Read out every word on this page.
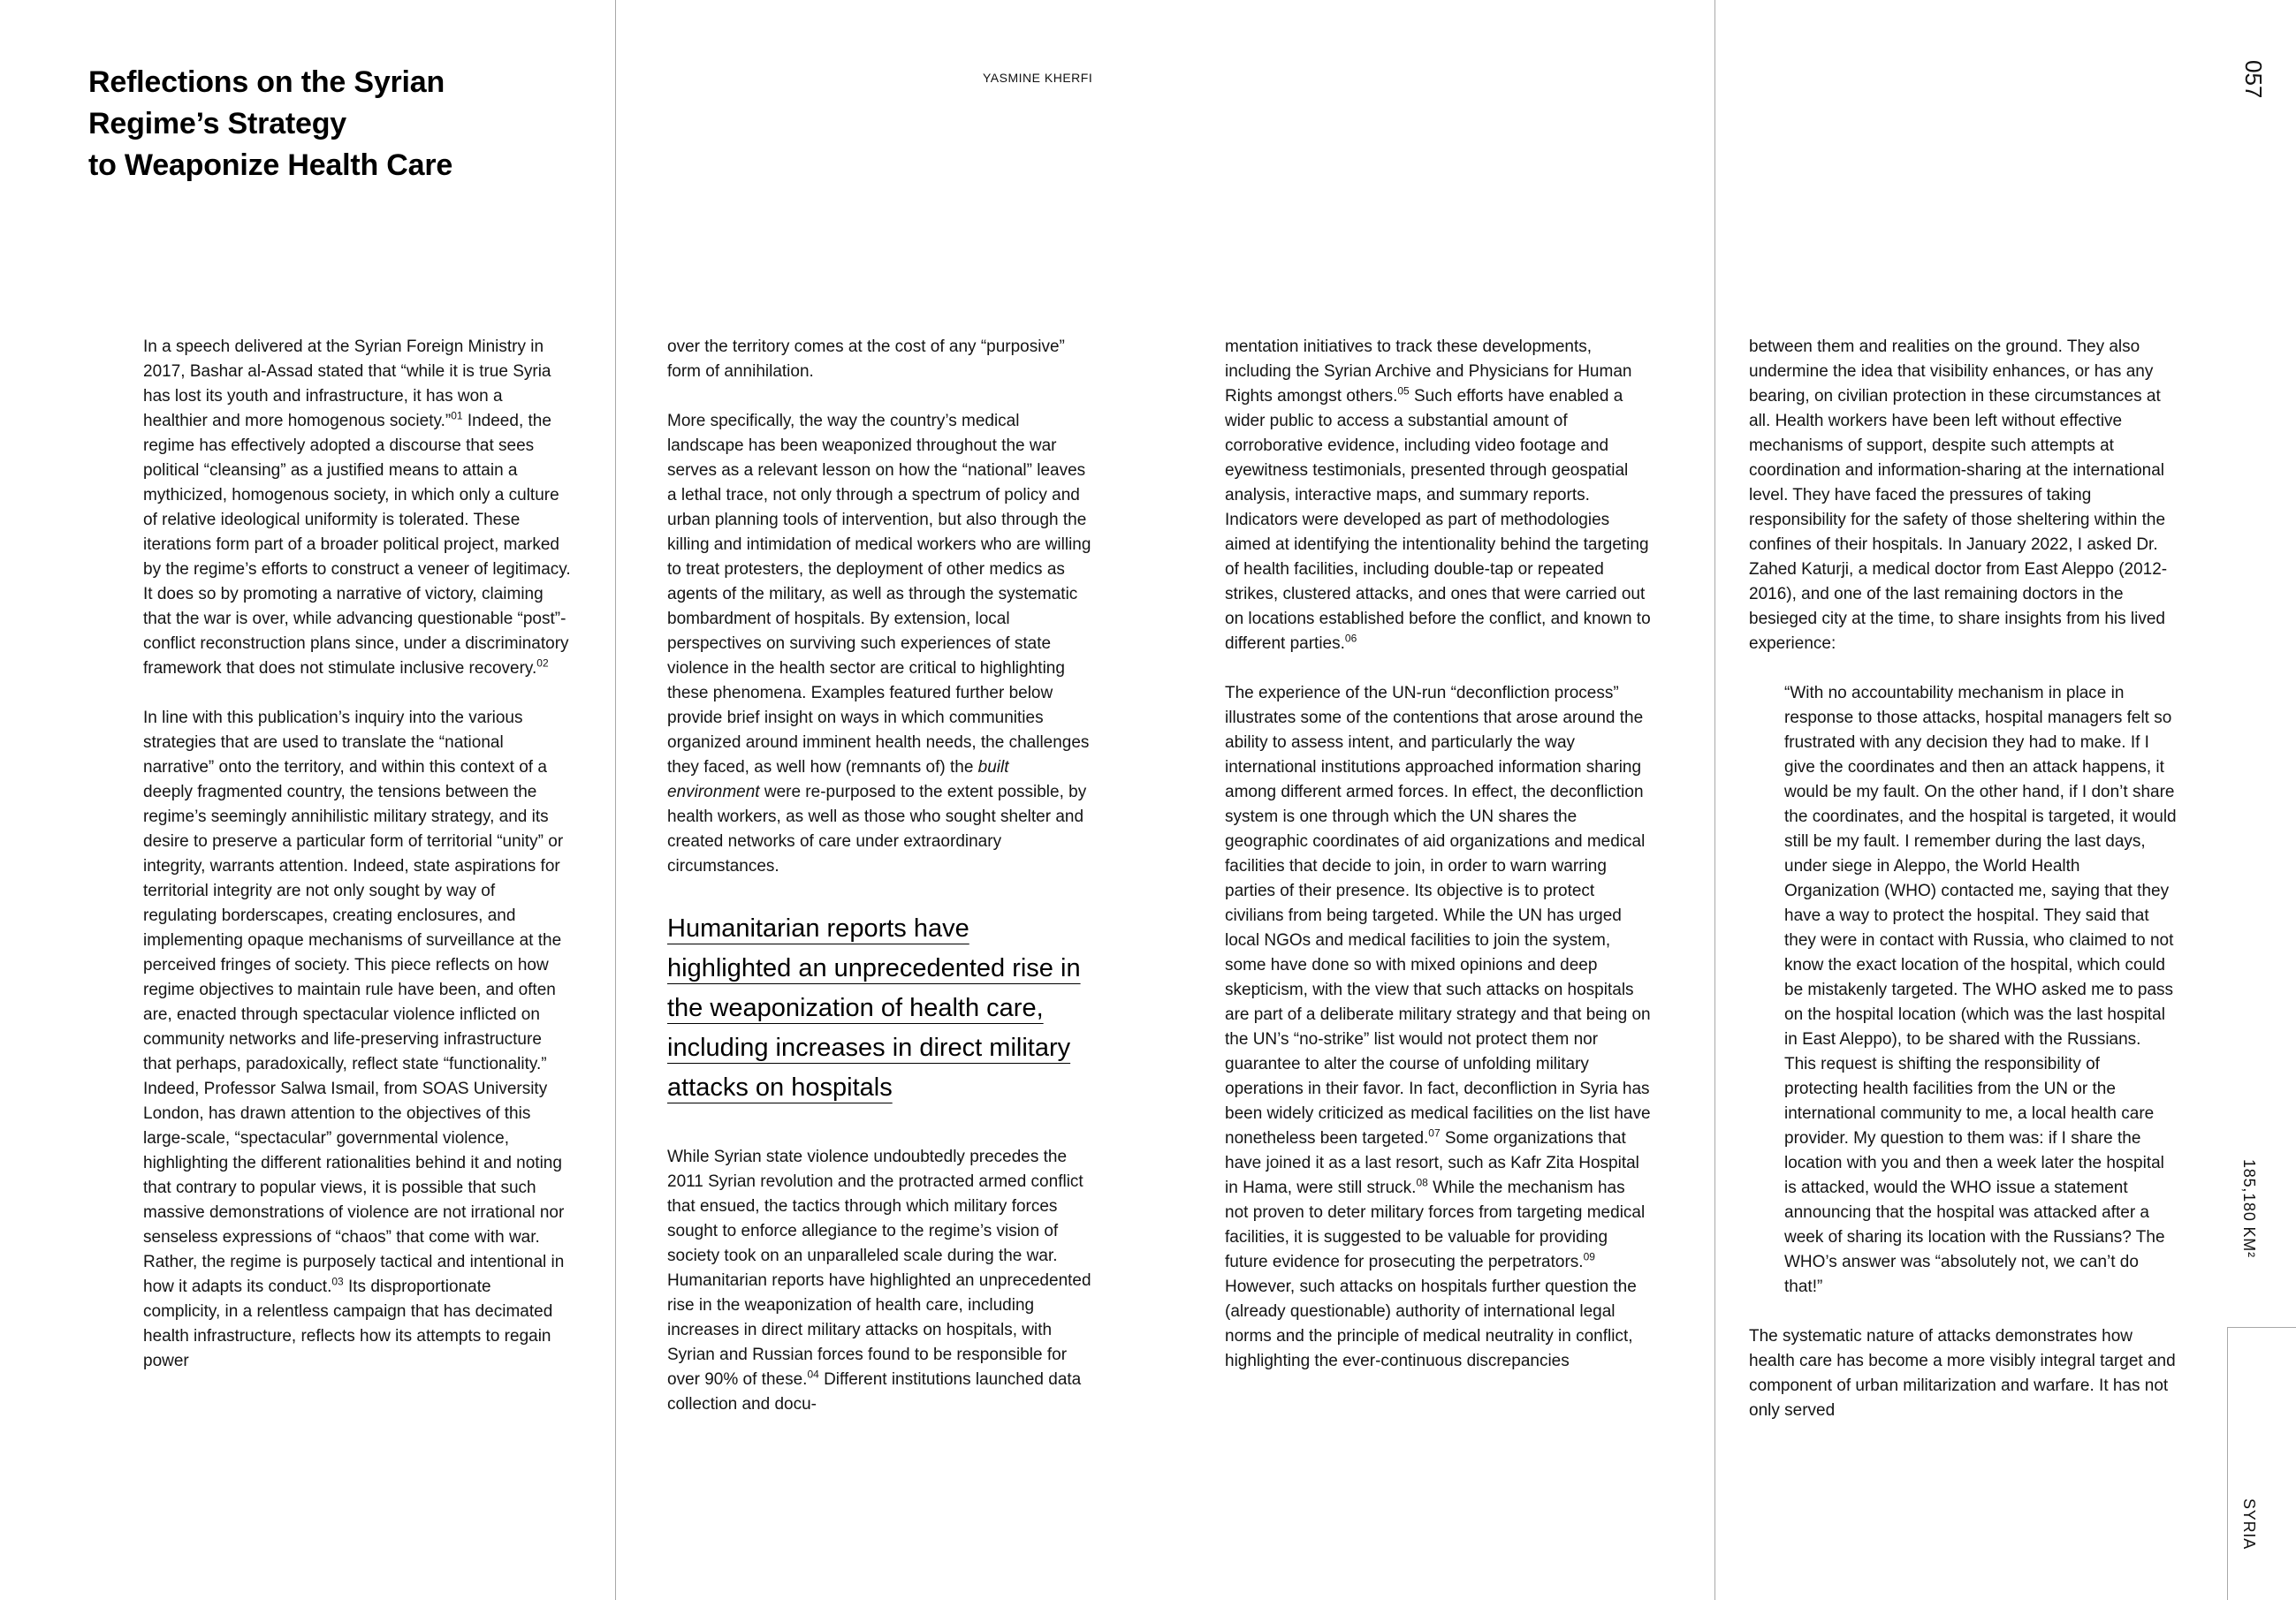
Reflections on the Syrian
Regime’s Strategy
to Weaponize Health Care
YASMINE KHERFI	057
185,180 KM²
SYRIA

In a speech delivered at the Syrian Foreign Ministry in 2017, Bashar al-Assad stated that “while it is true Syria has lost its youth and infrastructure, it has won a healthier and more homogenous society.”$^{01}$ Indeed, the regime has effectively adopted a discourse that sees political “cleansing” as a justified means to attain a mythicized, homogenous society, in which only a culture of relative ideological uniformity is tolerated. These iterations form part of a broader political project, marked by the regime’s efforts to construct a veneer of legitimacy. It does so by promoting a narrative of victory, claiming that the war is over, while advancing questionable “post”-conflict reconstruction plans since, under a discriminatory framework that does not stimulate inclusive recovery.$^{02}$

In line with this publication’s inquiry into the various strategies that are used to translate the “national narrative” onto the territory, and within this context of a deeply fragmented country, the tensions between the regime’s seemingly annihilistic military strategy, and its desire to preserve a particular form of territorial “unity” or integrity, warrants attention. Indeed, state aspirations for territorial integrity are not only sought by way of regulating borderscapes, creating enclosures, and implementing opaque mechanisms of surveillance at the perceived fringes of society. This piece reflects on how regime objectives to maintain rule have been, and often are, enacted through spectacular violence inflicted on community networks and life-preserving infrastructure that perhaps, paradoxically, reflect state “functionality.” Indeed, Professor Salwa Ismail, from SOAS University London, has drawn attention to the objectives of this large-scale, “spectacular” governmental violence, highlighting the different rationalities behind it and noting that contrary to popular views, it is possible that such massive demonstrations of violence are not irrational nor senseless expressions of “chaos” that come with war. Rather, the regime is purposely tactical and intentional in how it adapts its conduct.$^{03}$ Its disproportionate complicity, in a relentless campaign that has decimated health infrastructure, reflects how its attempts to regain power

over the territory comes at the cost of any “purposive” form of annihilation.

More specifically, the way the country’s medical landscape has been weaponized throughout the war serves as a relevant lesson on how the “national” leaves a lethal trace, not only through a spectrum of policy and urban planning tools of intervention, but also through the killing and intimidation of medical workers who are willing to treat protesters, the deployment of other medics as agents of the military, as well as through the systematic bombardment of hospitals. By extension, local perspectives on surviving such experiences of state violence in the health sector are critical to highlighting these phenomena. Examples featured further below provide brief insight on ways in which communities organized around imminent health needs, the challenges they faced, as well how (remnants of) the built environment were re-purposed to the extent possible, by health workers, as well as those who sought shelter and created networks of care under extraordinary circumstances.

Humanitarian reports have highlighted an unprecedented rise in the weaponization of health care, including increases in direct military attacks on hospitals

While Syrian state violence undoubtedly precedes the 2011 Syrian revolution and the protracted armed conflict that ensued, the tactics through which military forces sought to enforce allegiance to the regime’s vision of society took on an unparalleled scale during the war. Humanitarian reports have highlighted an unprecedented rise in the weaponization of health care, including increases in direct military attacks on hospitals, with Syrian and Russian forces found to be responsible for over 90% of these.$^{04}$ Different institutions launched data collection and docu-

mentation initiatives to track these developments, including the Syrian Archive and Physicians for Human Rights amongst others.$^{05}$ Such efforts have enabled a wider public to access a substantial amount of corroborative evidence, including video footage and eyewitness testimonials, presented through geospatial analysis, interactive maps, and summary reports. Indicators were developed as part of methodologies aimed at identifying the intentionality behind the targeting of health facilities, including double-tap or repeated strikes, clustered attacks, and ones that were carried out on locations established before the conflict, and known to different parties.$^{06}$

The experience of the UN-run “deconfliction process” illustrates some of the contentions that arose around the ability to assess intent, and particularly the way international institutions approached information sharing among different armed forces. In effect, the deconfliction system is one through which the UN shares the geographic coordinates of aid organizations and medical facilities that decide to join, in order to warn warring parties of their presence. Its objective is to protect civilians from being targeted. While the UN has urged local NGOs and medical facilities to join the system, some have done so with mixed opinions and deep skepticism, with the view that such attacks on hospitals are part of a deliberate military strategy and that being on the UN’s “no-strike” list would not protect them nor guarantee to alter the course of unfolding military operations in their favor. In fact, deconfliction in Syria has been widely criticized as medical facilities on the list have nonetheless been targeted.$^{07}$ Some organizations that have joined it as a last resort, such as Kafr Zita Hospital in Hama, were still struck.$^{08}$ While the mechanism has not proven to deter military forces from targeting medical facilities, it is suggested to be valuable for providing future evidence for prosecuting the perpetrators.$^{09}$ However, such attacks on hospitals further question the (already questionable) authority of international legal norms and the principle of medical neutrality in conflict, highlighting the ever-continuous discrepancies

between them and realities on the ground. They also undermine the idea that visibility enhances, or has any bearing, on civilian protection in these circumstances at all. Health workers have been left without effective mechanisms of support, despite such attempts at coordination and information-sharing at the international level. They have faced the pressures of taking responsibility for the safety of those sheltering within the confines of their hospitals. In January 2022, I asked Dr. Zahed Katurji, a medical doctor from East Aleppo (2012-2016), and one of the last remaining doctors in the besieged city at the time, to share insights from his lived experience:

“With no accountability mechanism in place in response to those attacks, hospital managers felt so frustrated with any decision they had to make. If I give the coordinates and then an attack happens, it would be my fault. On the other hand, if I don’t share the coordinates, and the hospital is targeted, it would still be my fault. I remember during the last days, under siege in Aleppo, the World Health Organization (WHO) contacted me, saying that they have a way to protect the hospital. They said that they were in contact with Russia, who claimed to not know the exact location of the hospital, which could be mistakenly targeted. The WHO asked me to pass on the hospital location (which was the last hospital in East Aleppo), to be shared with the Russians. This request is shifting the responsibility of protecting health facilities from the UN or the international community to me, a local health care provider. My question to them was: if I share the location with you and then a week later the hospital is attacked, would the WHO issue a statement announcing that the hospital was attacked after a week of sharing its location with the Russians? The WHO’s answer was “absolutely not, we can’t do that!”

The systematic nature of attacks demonstrates how health care has become a more visibly integral target and component of urban militarization and warfare. It has not only served
